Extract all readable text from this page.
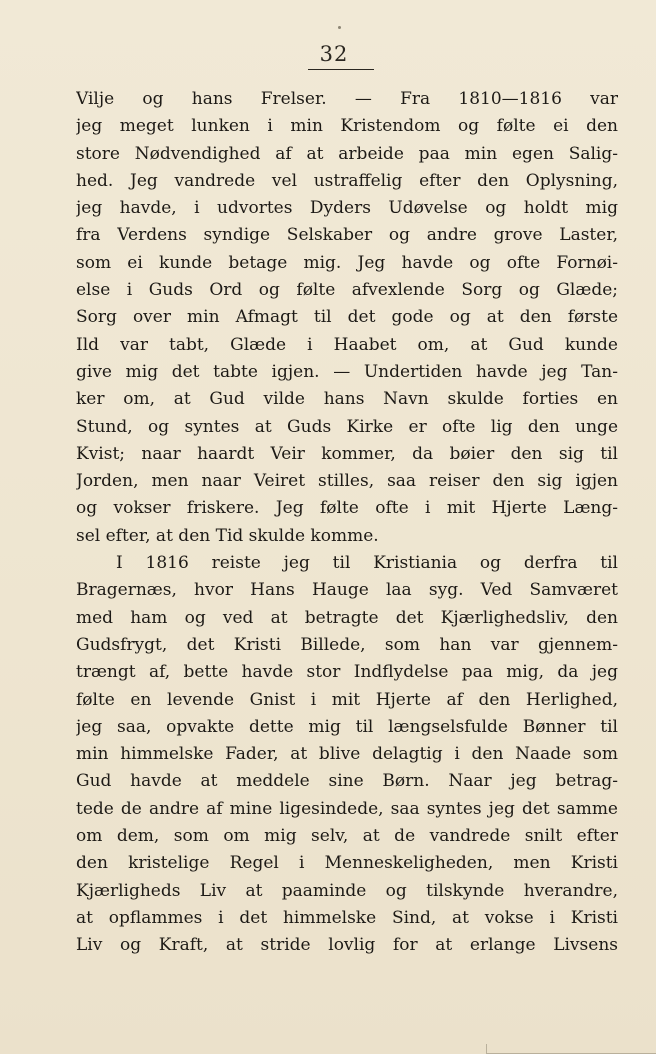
32
Vilje og hans Frelser. — Fra 1810—1816 var
jeg meget lunken i min Kristendom og følte ei den
store Nødvendighed af at arbeide paa min egen Salig-
hed. Jeg vandrede vel ustraffelig efter den Oplysning,
jeg havde, i udvortes Dyders Udøvelse og holdt mig
fra Verdens syndige Selskaber og andre grove Laster,
som ei kunde betage mig. Jeg havde og ofte Fornøi-
else i Guds Ord og følte afvexlende Sorg og Glæde;
Sorg over min Afmagt til det gode og at den første
Ild var tabt, Glæde i Haabet om, at Gud kunde
give mig det tabte igjen. — Undertiden havde jeg Tan-
ker om, at Gud vilde hans Navn skulde forties en
Stund, og syntes at Guds Kirke er ofte lig den unge
Kvist; naar haardt Veir kommer, da bøier den sig til
Jorden, men naar Veiret stilles, saa reiser den sig igjen
og vokser friskere. Jeg følte ofte i mit Hjerte Læng-
sel efter, at den Tid skulde komme.
I 1816 reiste jeg til Kristiania og derfra til
Bragernæs, hvor Hans Hauge laa syg. Ved Samværet
med ham og ved at betragte det Kjærlighedsliv, den
Gudsfrygt, det Kristi Billede, som han var gjennem-
trængt af, bette havde stor Indflydelse paa mig, da jeg
følte en levende Gnist i mit Hjerte af den Herlighed,
jeg saa, opvakte dette mig til længselsfulde Bønner til
min himmelske Fader, at blive delagtig i den Naade som
Gud havde at meddele sine Børn. Naar jeg betrag-
tede de andre af mine ligesindede, saa syntes jeg det samme
om dem, som om mig selv, at de vandrede snilt efter
den kristelige Regel i Menneskeligheden, men Kristi
Kjærligheds Liv at paaminde og tilskynde hverandre,
at opflammes i det himmelske Sind, at vokse i Kristi
Liv og Kraft, at stride lovlig for at erlange Livsens
